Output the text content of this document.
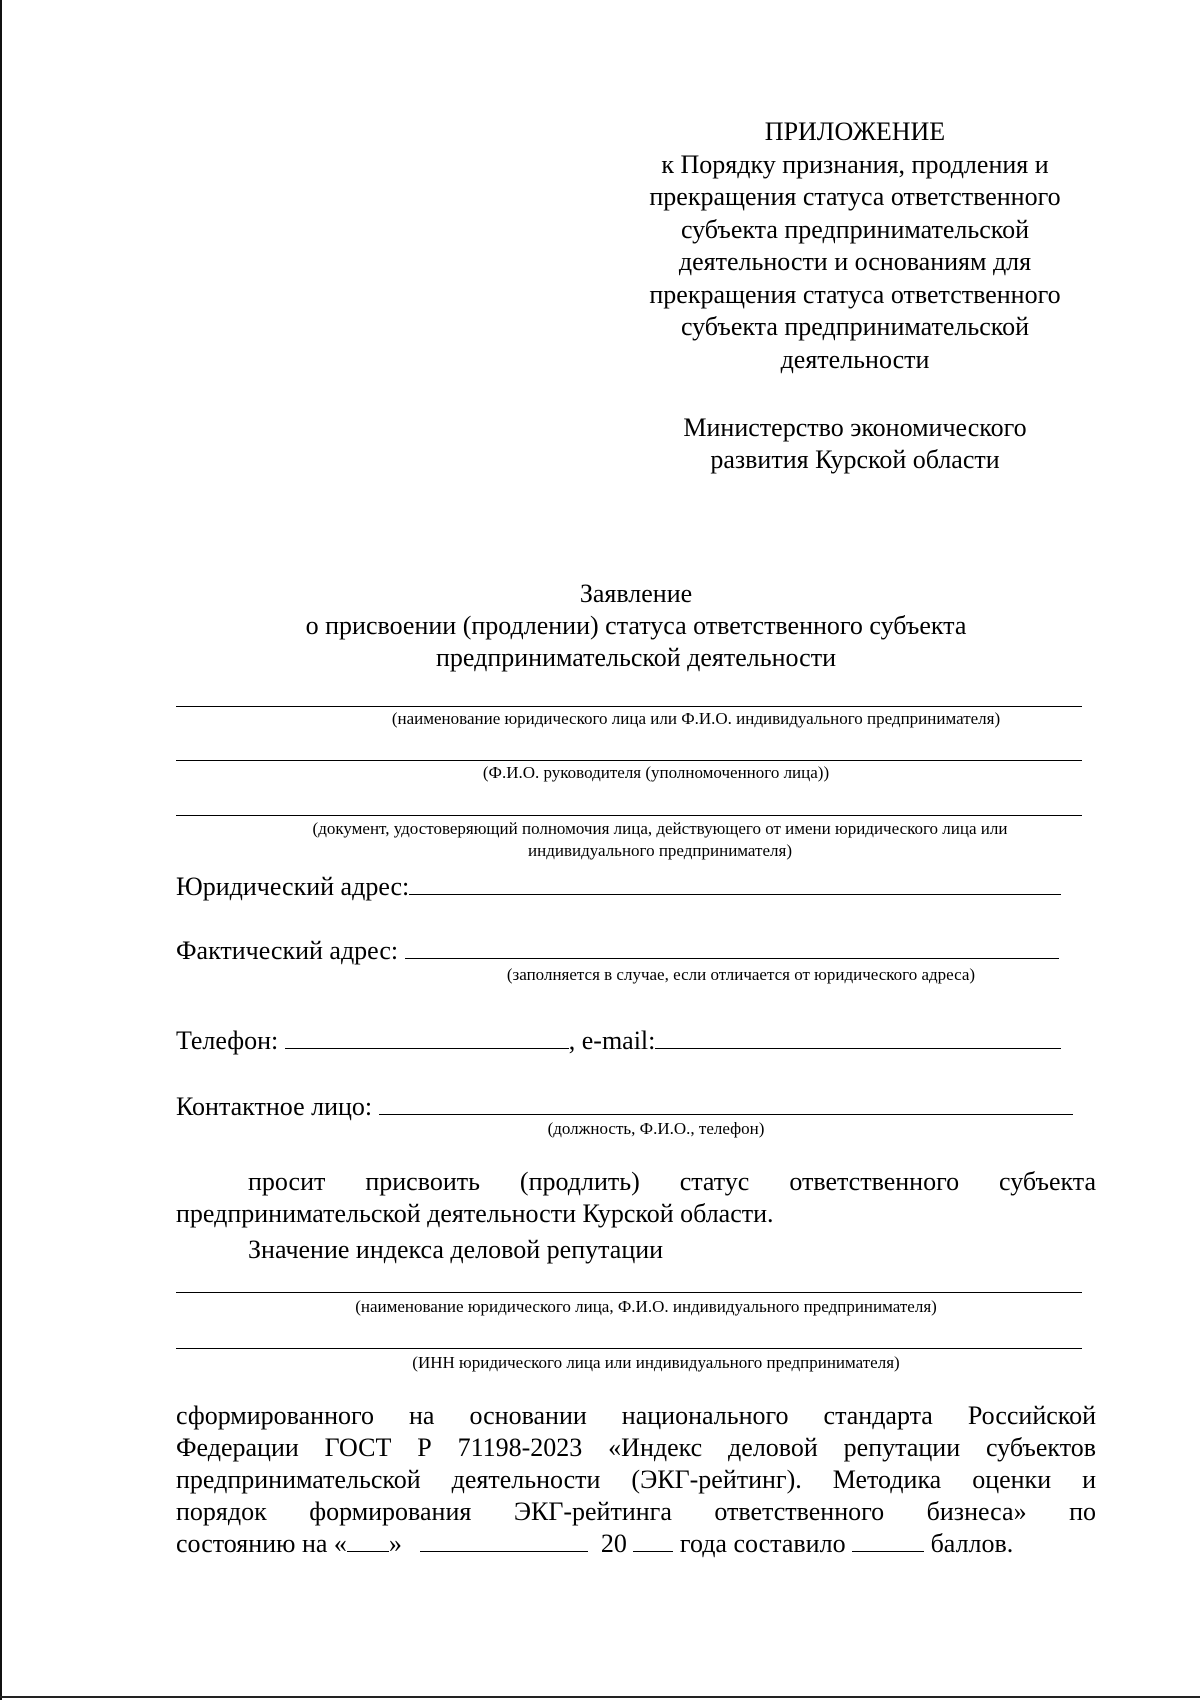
ПРИЛОЖЕНИЕ
к Порядку признания, продления и
прекращения статуса ответственного
субъекта предпринимательской
деятельности и основаниям для
прекращения статуса ответственного
субъекта предпринимательской
деятельности
Министерство экономического
развития Курской области
Заявление
о присвоении (продлении) статуса ответственного субъекта
предпринимательской деятельности
(наименование юридического лица или Ф.И.О. индивидуального предпринимателя)
(Ф.И.О. руководителя (уполномоченного лица))
(документ, удостоверяющий полномочия лица, действующего от имени юридического лица или
индивидуального предпринимателя)
Юридический адрес:
Фактический адрес:
(заполняется в случае, если отличается от юридического адреса)
Телефон:	, e-mail:
Контактное лицо:
(должность, Ф.И.О., телефон)
просит присвоить (продлить) статус ответственного субъекта предпринимательской деятельности Курской области.
Значение индекса деловой репутации
(наименование юридического лица, Ф.И.О. индивидуального предпринимателя)
(ИНН юридического лица или индивидуального предпринимателя)
сформированного на основании национального стандарта Российской
Федерации ГОСТ Р 71198-2023 «Индекс деловой репутации субъектов
предпринимательской деятельности (ЭКГ-рейтинг). Методика оценки и
порядок формирования ЭКГ-рейтинга ответственного бизнеса» по
состоянию на « »	20 года составило	баллов.
